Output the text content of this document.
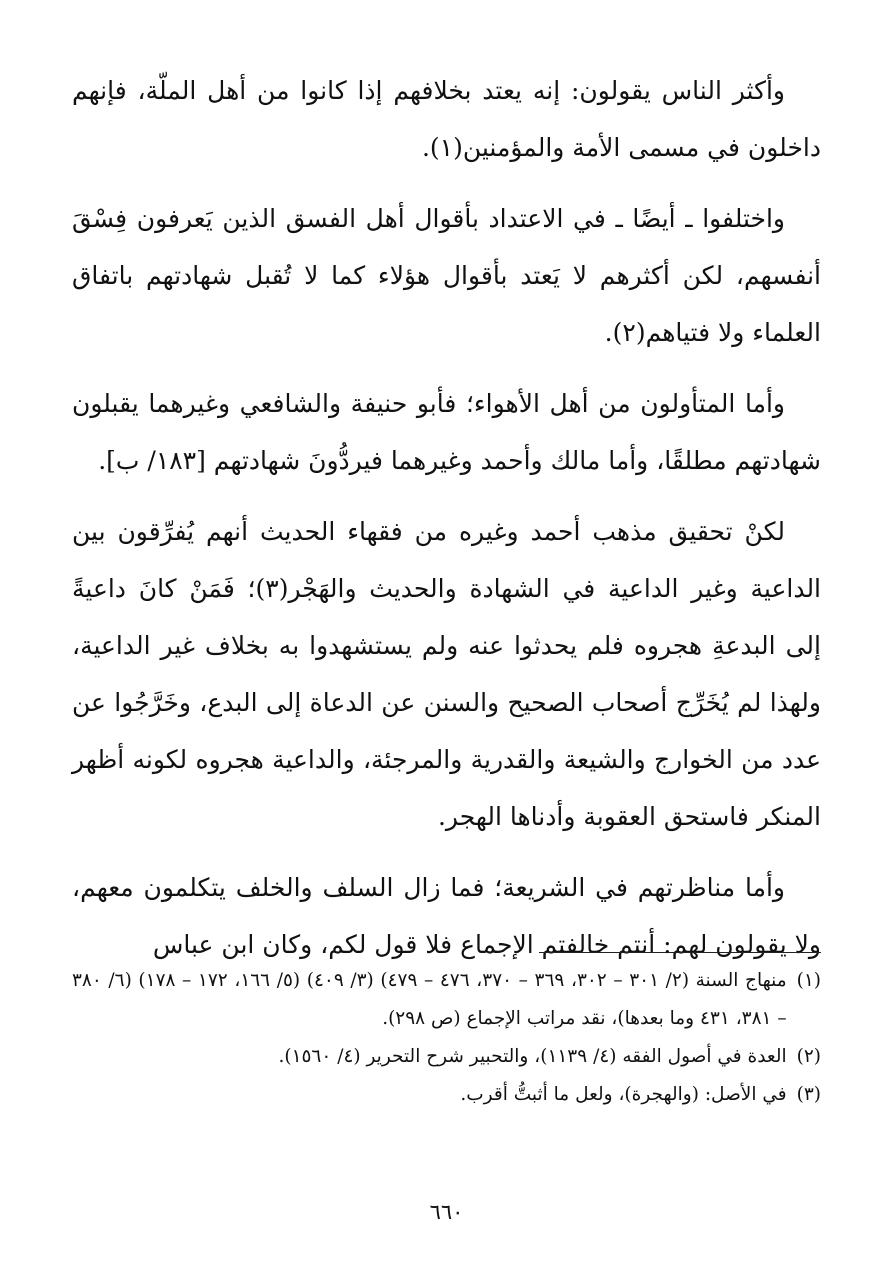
وأكثر الناس يقولون: إنه يعتد بخلافهم إذا كانوا من أهل الملّة، فإنهم داخلون في مسمى الأمة والمؤمنين(١).

واختلفوا ـ أيضًا ـ في الاعتداد بأقوال أهل الفسق الذين يَعرفون فِسْقَ أنفسهم، لكن أكثرهم لا يَعتد بأقوال هؤلاء كما لا تُقبل شهادتهم باتفاق العلماء ولا فتياهم(٢).

وأما المتأولون من أهل الأهواء؛ فأبو حنيفة والشافعي وغيرهما يقبلون شهادتهم مطلقًا، وأما مالك وأحمد وغيرهما فيردُّونَ شهادتهم [١٨٣/ ب].

لكنْ تحقيق مذهب أحمد وغيره من فقهاء الحديث أنهم يُفرِّقون بين الداعية وغير الداعية في الشهادة والحديث والهَجْر(٣)؛ فَمَنْ كانَ داعيةً إلى البدعةِ هجروه فلم يحدثوا عنه ولم يستشهدوا به بخلاف غير الداعية، ولهذا لم يُخَرِّج أصحاب الصحيح والسنن عن الدعاة إلى البدع، وخَرَّجُوا عن عدد من الخوارج والشيعة والقدرية والمرجئة، والداعية هجروه لكونه أظهر المنكر فاستحق العقوبة وأدناها الهجر.

وأما مناظرتهم في الشريعة؛ فما زال السلف والخلف يتكلمون معهم، ولا يقولون لهم: أنتم خالفتم الإجماع فلا قول لكم، وكان ابن عباس

(١)
منهاج السنة (٢/ ٣٠١ – ٣٠٢، ٣٦٩ – ٣٧٠، ٤٧٦ – ٤٧٩) (٣/ ٤٠٩) (٥/ ١٦٦، ١٧٢ – ١٧٨) (٦/ ٣٨٠ – ٣٨١، ٤٣١ وما بعدها)، نقد مراتب الإجماع (ص ٢٩٨).
(٢)
العدة في أصول الفقه (٤/ ١١٣٩)، والتحبير شرح التحرير (٤/ ١٥٦٠).
(٣)
في الأصل: (والهجرة)، ولعل ما أثبتُّ أقرب.
٦٦٠
